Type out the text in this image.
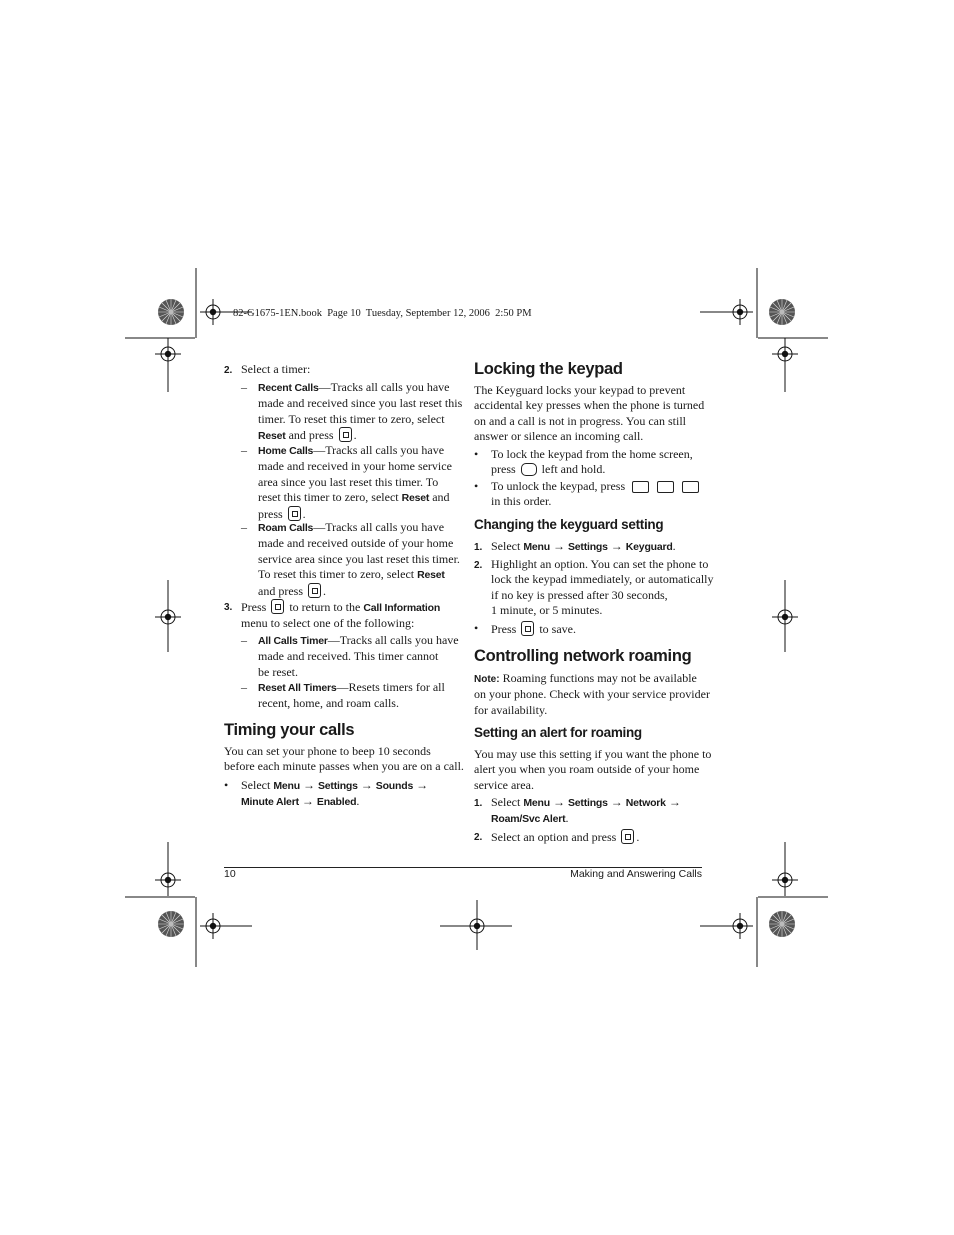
82-G1675-1EN.book  Page 10  Tuesday, September 12, 2006  2:50 PM
2. Select a timer:
– Recent Calls—Tracks all calls you have
made and received since you last reset this
timer. To reset this timer to zero, select
Reset and press .
– Home Calls—Tracks all calls you have
made and received in your home service
area since you last reset this timer. To
reset this timer to zero, select Reset and
press .
– Roam Calls—Tracks all calls you have
made and received outside of your home
service area since you last reset this timer.
To reset this timer to zero, select Reset
and press .
3. Press  to return to the Call Information
menu to select one of the following:
– All Calls Timer—Tracks all calls you have
made and received. This timer cannot
be reset.
– Reset All Timers—Resets timers for all
recent, home, and roam calls.
Timing your calls
You can set your phone to beep 10 seconds
before each minute passes when you are on a call.
• Select Menu → Settings → Sounds →
Minute Alert → Enabled.
Locking the keypad
The Keyguard locks your keypad to prevent
accidental key presses when the phone is turned
on and a call is not in progress. You can still
answer or silence an incoming call.
• To lock the keypad from the home screen,
press  left and hold.
• To unlock the keypad, press
in this order.
Changing the keyguard setting
1. Select Menu → Settings → Keyguard.
2. Highlight an option. You can set the phone to
lock the keypad immediately, or automatically
if no key is pressed after 30 seconds,
1 minute, or 5 minutes.
• Press  to save.
Controlling network roaming
Note: Roaming functions may not be available
on your phone. Check with your service provider
for availability.
Setting an alert for roaming
You may use this setting if you want the phone to
alert you when you roam outside of your home
service area.
1. Select Menu → Settings → Network →
Roam/Svc Alert.
2. Select an option and press .
10	Making and Answering Calls
